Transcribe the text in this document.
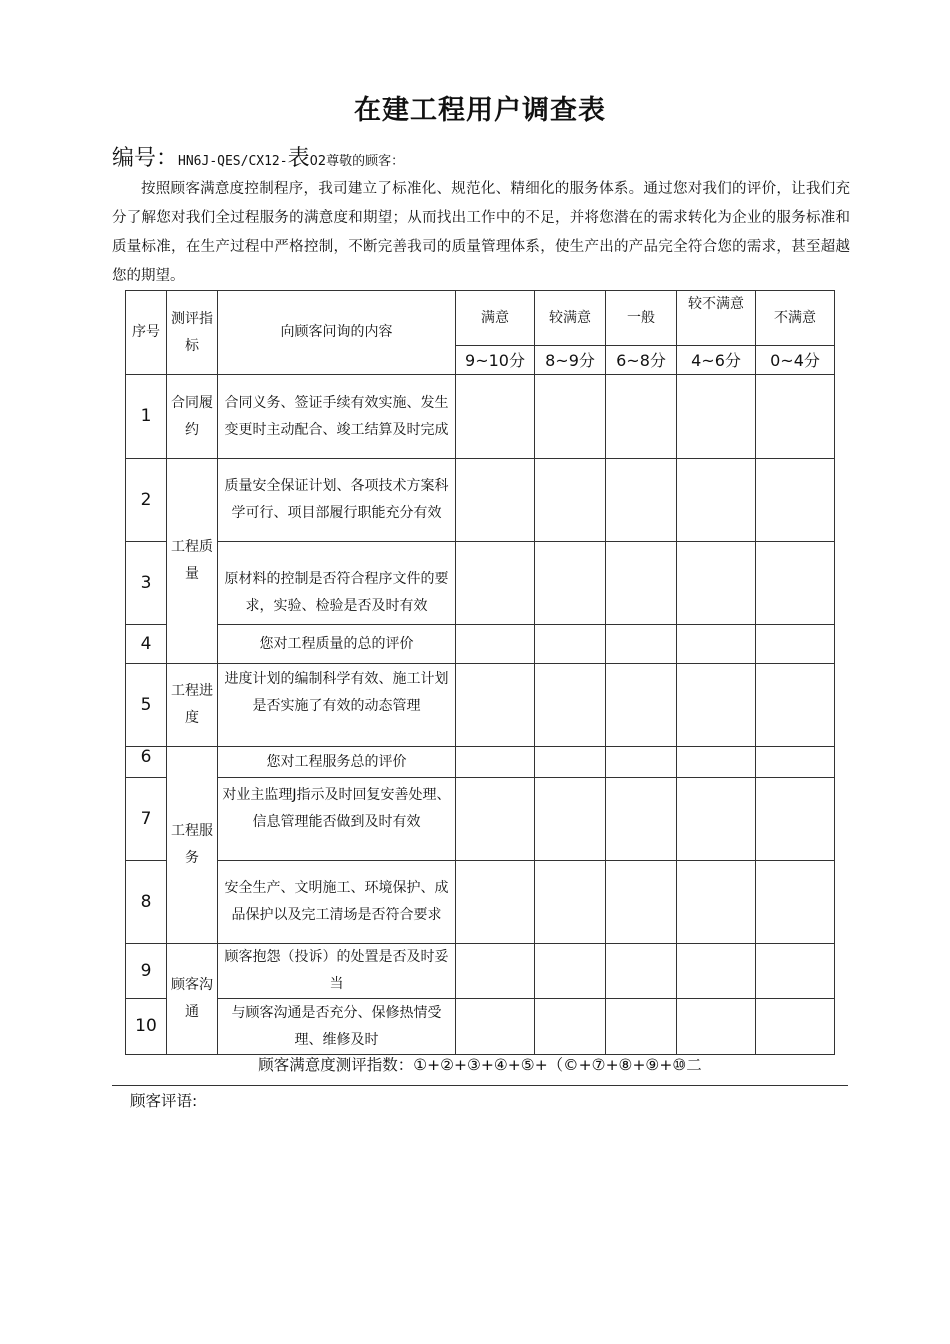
在建工程用户调查表
编号：HN6J-QES/CX12-表02尊敬的顾客：
按照顾客满意度控制程序，我司建立了标准化、规范化、精细化的服务体系。通过您对我们的评价，让我们充分了解您对我们全过程服务的满意度和期望；从而找出工作中的不足，并将您潜在的需求转化为企业的服务标准和质量标准，在生产过程中严格控制，不断完善我司的质量管理体系，使生产出的产品完全符合您的需求，甚至超越您的期望。
序号	测评指标	向顾客问询的内容	满意	较满意	一般	较不满意	不满意
			9~10分	8~9分	6~8分	4~6分	0~4分
1	合同履约	合同义务、签证手续有效实施、发生变更时主动配合、竣工结算及时完成					
2	工程质量	质量安全保证计划、各项技术方案科学可行、项目部履行职能充分有效					
3		原材料的控制是否符合程序文件的要求，实验、检验是否及时有效					
4		您对工程质量的总的评价					
5	工程进度	进度计划的编制科学有效、施工计划是否实施了有效的动态管理					
6	工程服务	您对工程服务总的评价					
7		对业主监理J指示及时回复安善处理、信息管理能否做到及时有效					
8		安全生产、文明施工、环境保护、成品保护以及完工清场是否符合要求					
9	顾客沟通	顾客抱怨（投诉）的处置是否及时妥当					
10		与顾客沟通是否充分、保修热情受理、维修及时					
顾客满意度测评指数：①+②+③+④+⑤+（©+⑦+⑧+⑨+⑩二
顾客评语:
